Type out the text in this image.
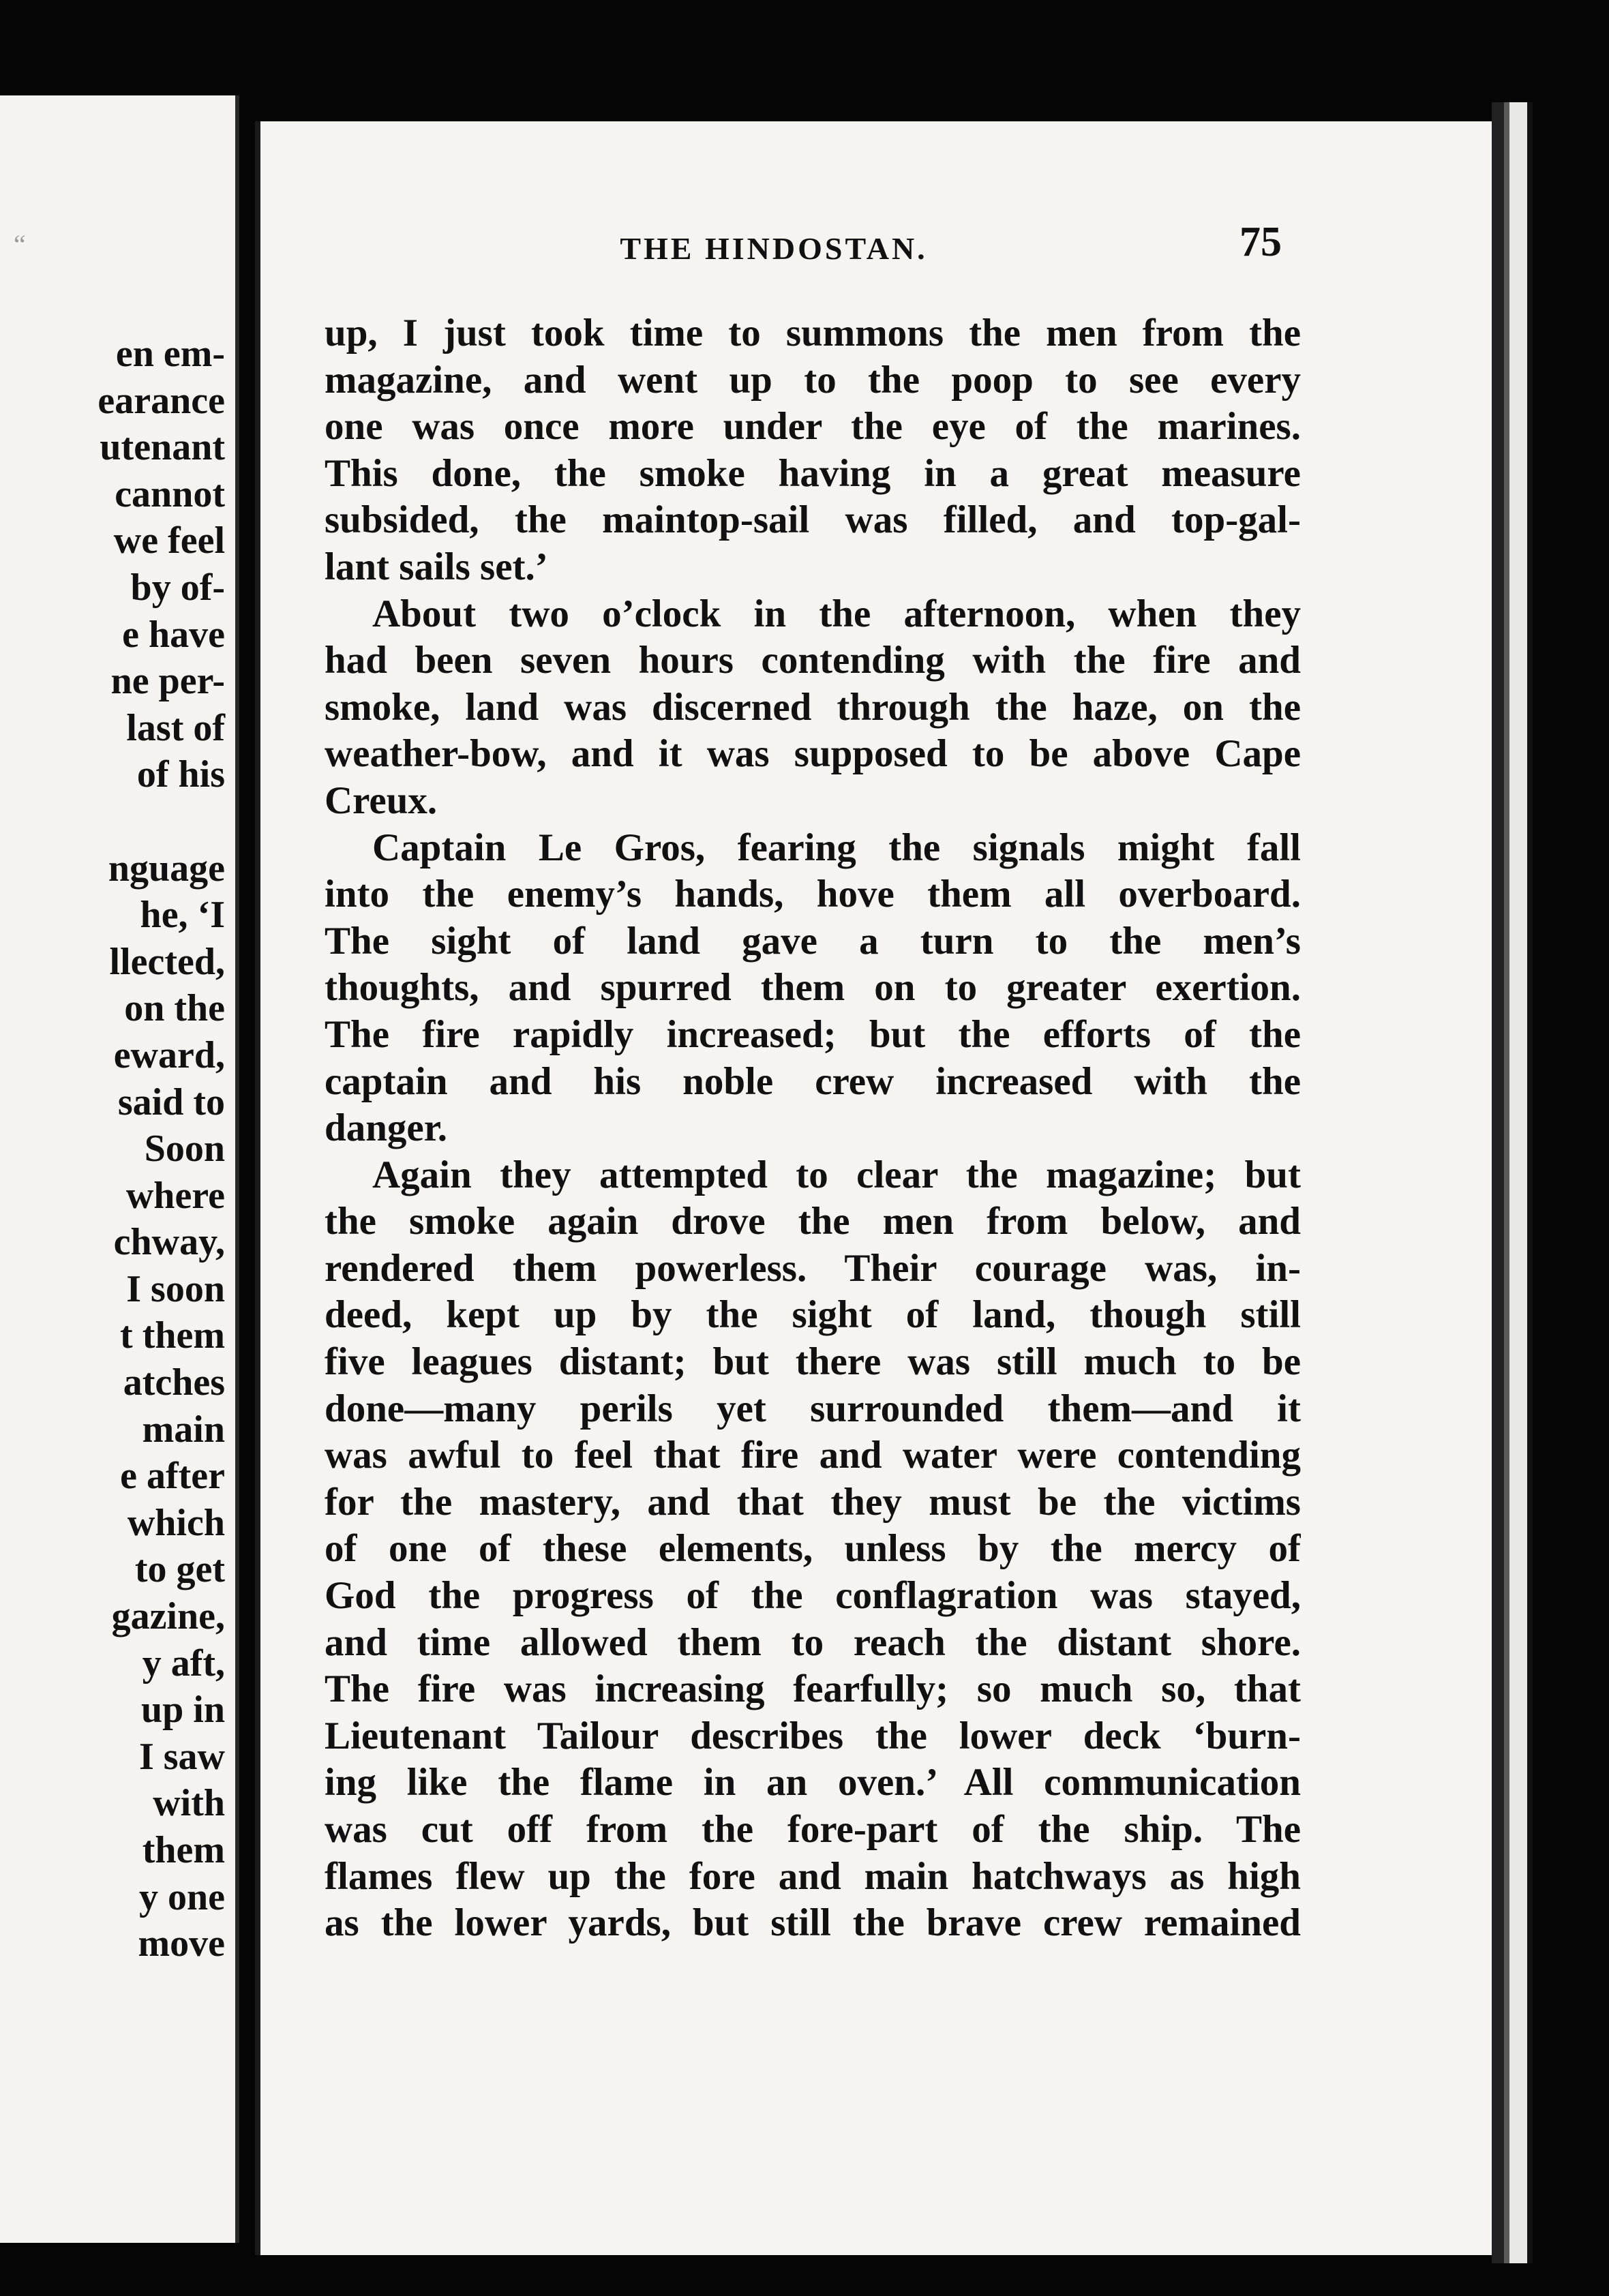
“
en em-
earance
utenant
cannot
we feel
by of-
e have
ne per-
last of
of his

nguage
he, ‘I
llected,
on the
eward,
said to
Soon
where
chway,
I soon
t them
atches
main
e after
which
to get
gazine,
y aft,
up in
I saw
with
them
y one
move
THE HINDOSTAN.	75
up, I just took time to summons the men from the
magazine, and went up to the poop to see every
one was once more under the eye of the marines.
This done, the smoke having in a great measure
subsided, the maintop-sail was filled, and top-gal-
lant sails set.’
About two o’clock in the afternoon, when they
had been seven hours contending with the fire and
smoke, land was discerned through the haze, on the
weather-bow, and it was supposed to be above Cape
Creux.
Captain Le Gros, fearing the signals might fall
into the enemy’s hands, hove them all overboard.
The sight of land gave a turn to the men’s
thoughts, and spurred them on to greater exertion.
The fire rapidly increased; but the efforts of the
captain and his noble crew increased with the
danger.
Again they attempted to clear the magazine; but
the smoke again drove the men from below, and
rendered them powerless. Their courage was, in-
deed, kept up by the sight of land, though still
five leagues distant; but there was still much to be
done—many perils yet surrounded them—and it
was awful to feel that fire and water were contending
for the mastery, and that they must be the victims
of one of these elements, unless by the mercy of
God the progress of the conflagration was stayed,
and time allowed them to reach the distant shore.
The fire was increasing fearfully; so much so, that
Lieutenant Tailour describes the lower deck ‘burn-
ing like the flame in an oven.’ All communication
was cut off from the fore-part of the ship. The
flames flew up the fore and main hatchways as high
as the lower yards, but still the brave crew remained
